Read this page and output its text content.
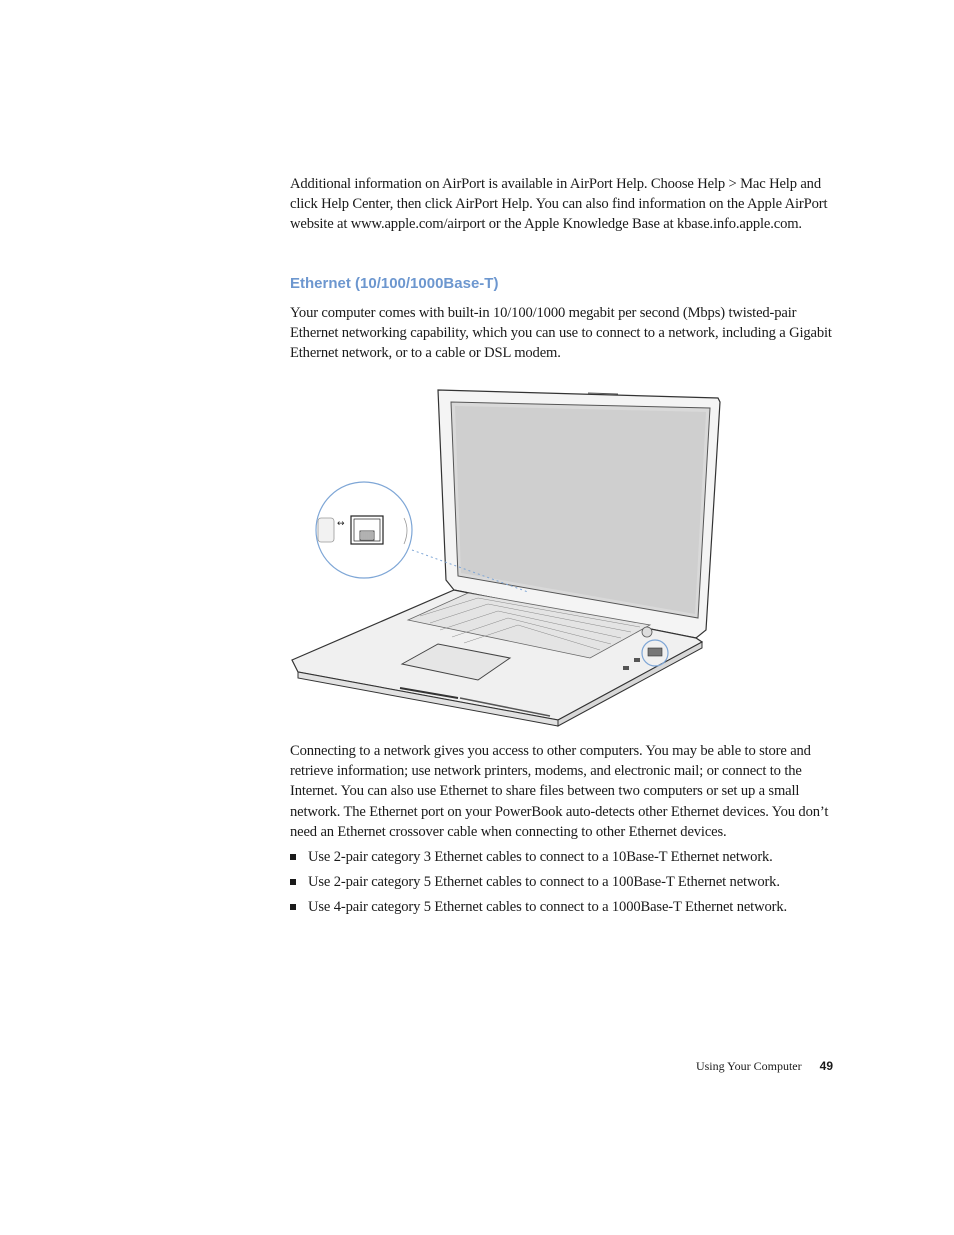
Additional information on AirPort is available in AirPort Help. Choose Help > Mac Help and click Help Center, then click AirPort Help. You can also find information on the Apple AirPort website at www.apple.com/airport or the Apple Knowledge Base at kbase.info.apple.com.

Ethernet (10/100/1000Base-T)

Your computer comes with built-in 10/100/1000 megabit per second (Mbps) twisted-pair Ethernet networking capability, which you can use to connect to a network, including a Gigabit Ethernet network, or to a cable or DSL modem.

↔

Connecting to a network gives you access to other computers. You may be able to store and retrieve information; use network printers, modems, and electronic mail; or connect to the Internet. You can also use Ethernet to share files between two computers or set up a small network. The Ethernet port on your PowerBook auto-detects other Ethernet devices. You don’t need an Ethernet crossover cable when connecting to other Ethernet devices.

Use 2-pair category 3 Ethernet cables to connect to a 10Base-T Ethernet network.
Use 2-pair category 5 Ethernet cables to connect to a 100Base-T Ethernet network.
Use 4-pair category 5 Ethernet cables to connect to a 1000Base-T Ethernet network.
Using Your Computer 49
